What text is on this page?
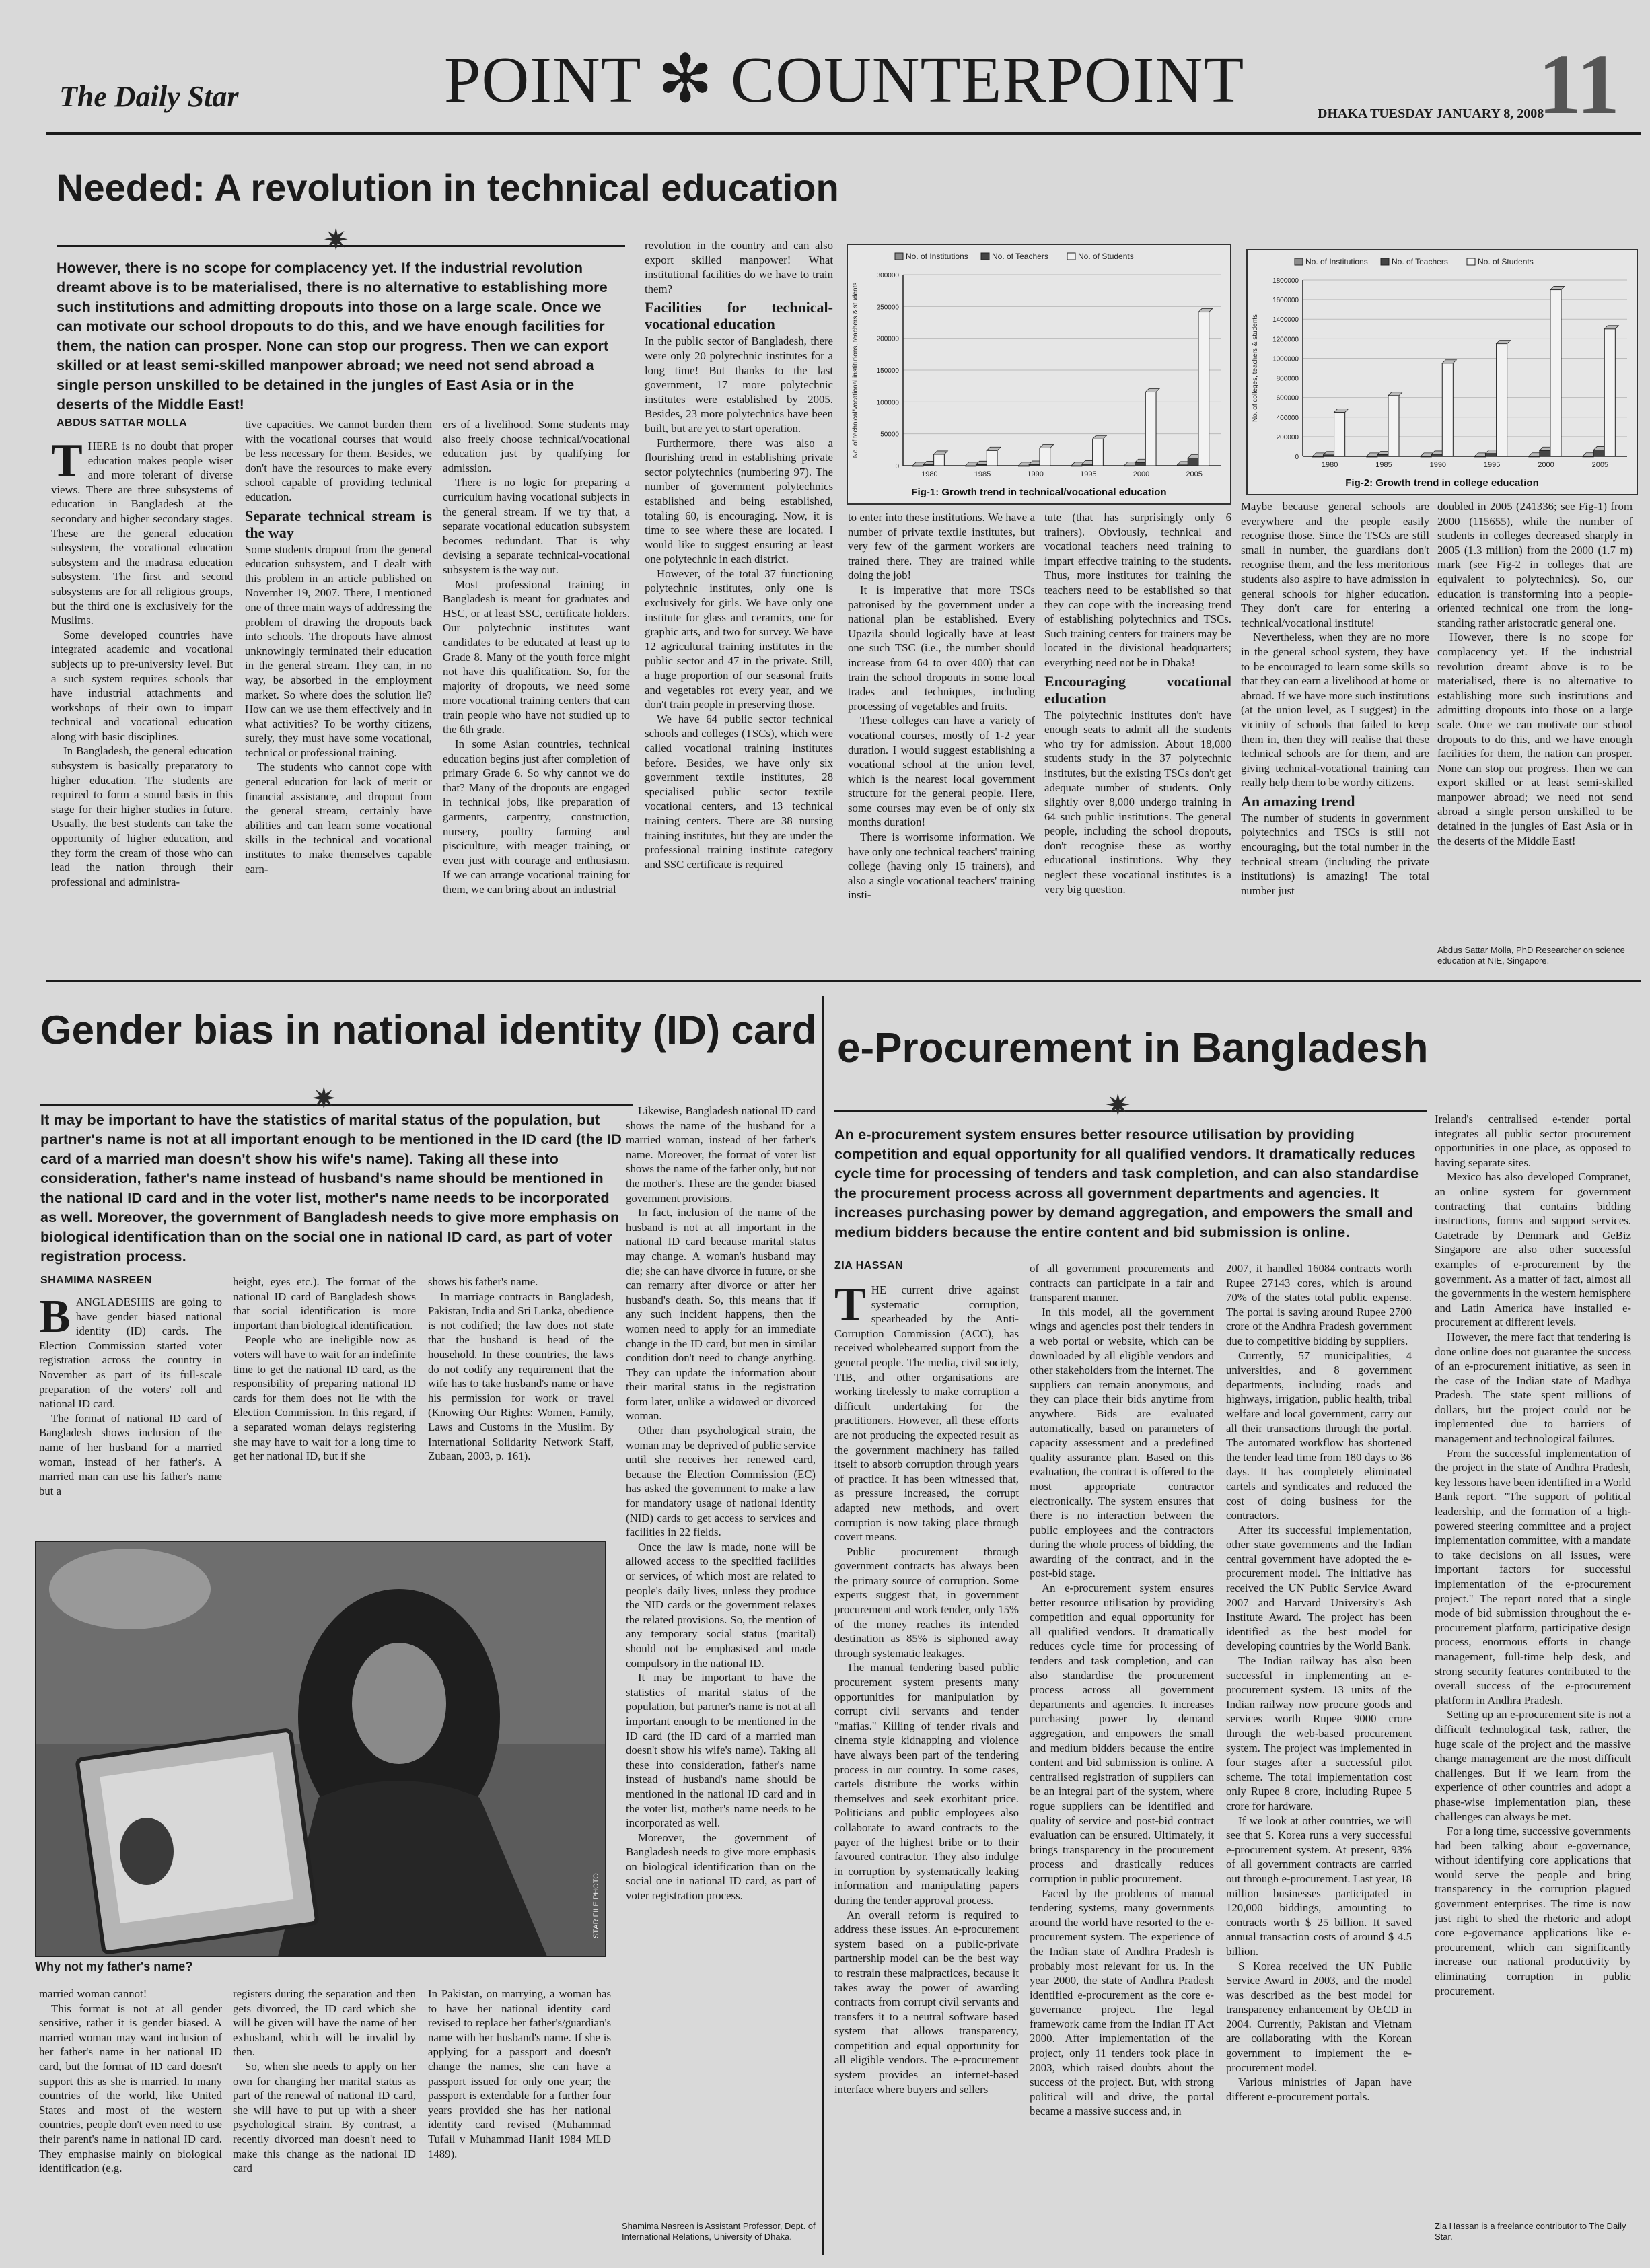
The Daily Star	POINT ✻ COUNTERPOINT	DHAKA TUESDAY JANUARY 8, 2008
11
Needed: A revolution in technical education
✷
However, there is no scope for complacency yet. If the industrial revolution dreamt above is to be materialised, there is no alternative to establishing more such institutions and admitting dropouts into those on a large scale. Once we can motivate our school dropouts to do this, and we have enough facilities for them, the nation can prosper. None can stop our progress. Then we can export skilled or at least semi-skilled manpower abroad; we need not send abroad a single person unskilled to be detained in the jungles of East Asia or in the deserts of the Middle East!
ABDUS SATTAR MOLLA
T HERE is no doubt that proper education makes people wiser and more tolerant of diverse views. There are three subsystems of education in Bangladesh at the secondary and higher secondary stages. These are the general education subsystem, the vocational education subsystem and the madrasa education subsystem. The first and second subsystems are for all religious groups, but the third one is exclusively for the Muslims.

Some developed countries have integrated academic and vocational subjects up to pre-university level. But a such system requires schools that have industrial attachments and workshops of their own to impart technical and vocational education along with basic disciplines.

In Bangladesh, the general education subsystem is basically preparatory to higher education. The students are required to form a sound basis in this stage for their higher studies in future. Usually, the best students can take the opportunity of higher education, and they form the cream of those who can lead the nation through their professional and administra-

tive capacities. We cannot burden them with the vocational courses that would be less necessary for them. Besides, we don't have the resources to make every school capable of providing technical education.

Separate technical stream is the way

Some students dropout from the general education subsystem, and I dealt with this problem in an article published on November 19, 2007. There, I mentioned one of three main ways of addressing the problem of drawing the dropouts back into schools. The dropouts have almost unknowingly terminated their education in the general stream. They can, in no way, be absorbed in the employment market. So where does the solution lie? How can we use them effectively and in what activities? To be worthy citizens, surely, they must have some vocational, technical or professional training.

The students who cannot cope with general education for lack of merit or financial assistance, and dropout from the general stream, certainly have abilities and can learn some vocational skills in the technical and vocational institutes to make themselves capable earn-

ers of a livelihood. Some students may also freely choose technical/vocational education just by qualifying for admission.

There is no logic for preparing a curriculum having vocational subjects in the general stream. If we try that, a separate vocational education subsystem becomes redundant. That is why devising a separate technical-vocational subsystem is the way out.

Most professional training in Bangladesh is meant for graduates and HSC, or at least SSC, certificate holders. Our polytechnic institutes want candidates to be educated at least up to Grade 8. Many of the youth force might not have this qualification. So, for the majority of dropouts, we need some more vocational training centers that can train people who have not studied up to the 6th grade.

In some Asian countries, technical education begins just after completion of primary Grade 6. So why cannot we do that? Many of the dropouts are engaged in technical jobs, like preparation of garments, carpentry, construction, nursery, poultry farming and pisciculture, with meager training, or even just with courage and enthusiasm. If we can arrange vocational training for them, we can bring about an industrial

revolution in the country and can also export skilled manpower! What institutional facilities do we have to train them?

Facilities for technical-vocational education

In the public sector of Bangladesh, there were only 20 polytechnic institutes for a long time! But thanks to the last government, 17 more polytechnic institutes were established by 2005. Besides, 23 more polytechnics have been built, but are yet to start operation.

Furthermore, there was also a flourishing trend in establishing private sector polytechnics (numbering 97). The number of government polytechnics established and being established, totaling 60, is encouraging. Now, it is time to see where these are located. I would like to suggest ensuring at least one polytechnic in each district.

However, of the total 37 functioning polytechnic institutes, only one is exclusively for girls. We have only one institute for glass and ceramics, one for graphic arts, and two for survey. We have 12 agricultural training institutes in the public sector and 47 in the private. Still, a huge proportion of our seasonal fruits and vegetables rot every year, and we don't train people in preserving those.

We have 64 public sector technical schools and colleges (TSCs), which were called vocational training institutes before. Besides, we have only six government textile institutes, 28 specialised public sector textile vocational centers, and 13 technical training centers. There are 38 nursing training institutes, but they are under the professional training institute category and SSC certificate is required

No. of Institutions	No. of Teachers	No. of Students
0
50000
100000
150000
200000
250000
300000
No. of technical/vocational institutions, teachers & students
1980	1985	1990	1995	2000	2005
Fig-1: Growth trend in technical/vocational education
No. of Institutions	No. of Teachers	No. of Students
0
200000
400000
600000
800000
1000000
1200000
1400000
1600000
1800000
No. of colleges, teachers & students
1980	1985	1990	1995	2000	2005
Fig-2: Growth trend in college education

to enter into these institutions. We have a number of private textile institutes, but very few of the garment workers are trained there. They are trained while doing the job!

It is imperative that more TSCs patronised by the government under a national plan be established. Every Upazila should logically have at least one such TSC (i.e., the number should increase from 64 to over 400) that can train the school dropouts in some local trades and techniques, including processing of vegetables and fruits.

These colleges can have a variety of vocational courses, mostly of 1-2 year duration. I would suggest establishing a vocational school at the union level, which is the nearest local government structure for the general people. Here, some courses may even be of only six months duration!

There is worrisome information. We have only one technical teachers' training college (having only 15 trainers), and also a single vocational teachers' training insti-

tute (that has surprisingly only 6 trainers). Obviously, technical and vocational teachers need training to impart effective training to the students. Thus, more institutes for training the teachers need to be established so that they can cope with the increasing trend of establishing polytechnics and TSCs. Such training centers for trainers may be located in the divisional headquarters; everything need not be in Dhaka!

Encouraging vocational education

The polytechnic institutes don't have enough seats to admit all the students who try for admission. About 18,000 students study in the 37 polytechnic institutes, but the existing TSCs don't get adequate number of students. Only slightly over 8,000 undergo training in 64 such public institutions. The general people, including the school dropouts, don't recognise these as worthy educational institutions. Why they neglect these vocational institutes is a very big question.

Maybe because general schools are everywhere and the people easily recognise those. Since the TSCs are still small in number, the guardians don't recognise them, and the less meritorious students also aspire to have admission in general schools for higher education. They don't care for entering a technical/vocational institute!

Nevertheless, when they are no more in the general school system, they have to be encouraged to learn some skills so that they can earn a livelihood at home or abroad. If we have more such institutions (at the union level, as I suggest) in the vicinity of schools that failed to keep them in, then they will realise that these technical schools are for them, and are giving technical-vocational training can really help them to be worthy citizens.

An amazing trend

The number of students in government polytechnics and TSCs is still not encouraging, but the total number in the technical stream (including the private institutions) is amazing! The total number just

doubled in 2005 (241336; see Fig-1) from 2000 (115655), while the number of students in colleges decreased sharply in 2005 (1.3 million) from the 2000 (1.7 m) mark (see Fig-2 in colleges that are equivalent to polytechnics). So, our education is transforming into a people-oriented technical one from the long-standing rather aristocratic general one.

However, there is no scope for complacency yet. If the industrial revolution dreamt above is to be materialised, there is no alternative to establishing more such institutions and admitting dropouts into those on a large scale. Once we can motivate our school dropouts to do this, and we have enough facilities for them, the nation can prosper. None can stop our progress. Then we can export skilled or at least semi-skilled manpower abroad; we need not send abroad a single person unskilled to be detained in the jungles of East Asia or in the deserts of the Middle East!

Abdus Sattar Molla, PhD Researcher on science education at NIE, Singapore.
Gender bias in national identity (ID) card
✷
It may be important to have the statistics of marital status of the population, but partner's name is not at all important enough to be mentioned in the ID card (the ID card of a married man doesn't show his wife's name). Taking all these into consideration, father's name instead of husband's name should be mentioned in the national ID card and in the voter list, mother's name needs to be incorporated as well. Moreover, the government of Bangladesh needs to give more emphasis on biological identification than on the social one in national ID card, as part of voter registration process.
SHAMIMA NASREEN
B ANGLADESHIS are going to have gender biased national identity (ID) cards. The Election Commission started voter registration across the country in November as part of its full-scale preparation of the voters' roll and national ID card.

The format of national ID card of Bangladesh shows inclusion of the name of her husband for a married woman, instead of her father's. A married man can use his father's name but a

height, eyes etc.). The format of the national ID card of Bangladesh shows that social identification is more important than biological identification.

People who are ineligible now as voters will have to wait for an indefinite time to get the national ID card, as the responsibility of preparing national ID cards for them does not lie with the Election Commission. In this regard, if a separated woman delays registering she may have to wait for a long time to get her national ID, but if she

shows his father's name.

In marriage contracts in Bangladesh, Pakistan, India and Sri Lanka, obedience is not codified; the law does not state that the husband is head of the household. In these countries, the laws do not codify any requirement that the wife has to take husband's name or have his permission for work or travel (Knowing Our Rights: Women, Family, Laws and Customs in the Muslim. By International Solidarity Network Staff, Zubaan, 2003, p. 161).

STAR FILE PHOTO
Why not my father's name?

married woman cannot!

This format is not at all gender sensitive, rather it is gender biased. A married woman may want inclusion of her father's name in her national ID card, but the format of ID card doesn't support this as she is married. In many countries of the world, like United States and most of the western countries, people don't even need to use their parent's name in national ID card. They emphasise mainly on biological identification (e.g.

registers during the separation and then gets divorced, the ID card which she will be given will have the name of her exhusband, which will be invalid by then.

So, when she needs to apply on her own for changing her marital status as part of the renewal of national ID card, she will have to put up with a sheer psychological strain. By contrast, a recently divorced man doesn't need to make this change as the national ID card

In Pakistan, on marrying, a woman has to have her national identity card revised to replace her father's/guardian's name with her husband's name. If she is applying for a passport and doesn't change the names, she can have a passport issued for only one year; the passport is extendable for a further four years provided she has her national identity card revised (Muhammad Tufail v Muhammad Hanif 1984 MLD 1489).

Likewise, Bangladesh national ID card shows the name of the husband for a married woman, instead of her father's name. Moreover, the format of voter list shows the name of the father only, but not the mother's. These are the gender biased government provisions.

In fact, inclusion of the name of the husband is not at all important in the national ID card because marital status may change. A woman's husband may die; she can have divorce in future, or she can remarry after divorce or after her husband's death. So, this means that if any such incident happens, then the women need to apply for an immediate change in the ID card, but men in similar condition don't need to change anything. They can update the information about their marital status in the registration form later, unlike a widowed or divorced woman.

Other than psychological strain, the woman may be deprived of public service until she receives her renewed card, because the Election Commission (EC) has asked the government to make a law for mandatory usage of national identity (NID) cards to get access to services and facilities in 22 fields.

Once the law is made, none will be allowed access to the specified facilities or services, of which most are related to people's daily lives, unless they produce the NID cards or the government relaxes the related provisions. So, the mention of any temporary social status (marital) should not be emphasised and made compulsory in the national ID.

It may be important to have the statistics of marital status of the population, but partner's name is not at all important enough to be mentioned in the ID card (the ID card of a married man doesn't show his wife's name). Taking all these into consideration, father's name instead of husband's name should be mentioned in the national ID card and in the voter list, mother's name needs to be incorporated as well.

Moreover, the government of Bangladesh needs to give more emphasis on biological identification than on the social one in national ID card, as part of voter registration process.

Shamima Nasreen is Assistant Professor, Dept. of International Relations, University of Dhaka.
e-Procurement in Bangladesh
✷
An e-procurement system ensures better resource utilisation by providing competition and equal opportunity for all qualified vendors. It dramatically reduces cycle time for processing of tenders and task completion, and can also standardise the procurement process across all government departments and agencies. It increases purchasing power by demand aggregation, and empowers the small and medium bidders because the entire content and bid submission is online.
ZIA HASSAN
T HE current drive against systematic corruption, spearheaded by the Anti-Corruption Commission (ACC), has received wholehearted support from the general people. The media, civil society, TIB, and other organisations are working tirelessly to make corruption a difficult undertaking for the practitioners. However, all these efforts are not producing the expected result as the government machinery has failed itself to absorb corruption through years of practice. It has been witnessed that, as pressure increased, the corrupt adapted new methods, and overt corruption is now taking place through covert means.

Public procurement through government contracts has always been the primary source of corruption. Some experts suggest that, in government procurement and work tender, only 15% of the money reaches its intended destination as 85% is siphoned away through systematic leakages.

The manual tendering based public procurement system presents many opportunities for manipulation by corrupt civil servants and tender "mafias." Killing of tender rivals and cinema style kidnapping and violence have always been part of the tendering process in our country. In some cases, cartels distribute the works within themselves and seek exorbitant price. Politicians and public employees also collaborate to award contracts to the payer of the highest bribe or to their favoured contractor. They also indulge in corruption by systematically leaking information and manipulating papers during the tender approval process.

An overall reform is required to address these issues. An e-procurement system based on a public-private partnership model can be the best way to restrain these malpractices, because it takes away the power of awarding contracts from corrupt civil servants and transfers it to a neutral software based system that allows transparency, competition and equal opportunity for all eligible vendors. The e-procurement system provides an internet-based interface where buyers and sellers

of all government procurements and contracts can participate in a fair and transparent manner.

In this model, all the government wings and agencies post their tenders in a web portal or website, which can be downloaded by all eligible vendors and other stakeholders from the internet. The suppliers can remain anonymous, and they can place their bids anytime from anywhere. Bids are evaluated automatically, based on parameters of capacity assessment and a predefined quality assurance plan. Based on this evaluation, the contract is offered to the most appropriate contractor electronically. The system ensures that there is no interaction between the public employees and the contractors during the whole process of bidding, the awarding of the contract, and in the post-bid stage.

An e-procurement system ensures better resource utilisation by providing competition and equal opportunity for all qualified vendors. It dramatically reduces cycle time for processing of tenders and task completion, and can also standardise the procurement process across all government departments and agencies. It increases purchasing power by demand aggregation, and empowers the small and medium bidders because the entire content and bid submission is online. A centralised registration of suppliers can be an integral part of the system, where rogue suppliers can be identified and quality of service and post-bid contract evaluation can be ensured. Ultimately, it brings transparency in the procurement process and drastically reduces corruption in public procurement.

Faced by the problems of manual tendering systems, many governments around the world have resorted to the e-procurement system. The experience of the Indian state of Andhra Pradesh is probably most relevant for us. In the year 2000, the state of Andhra Pradesh identified e-procurement as the core e-governance project. The legal framework came from the Indian IT Act 2000. After implementation of the project, only 11 tenders took place in 2003, which raised doubts about the success of the project. But, with strong political will and drive, the portal became a massive success and, in

2007, it handled 16084 contracts worth Rupee 27143 cores, which is around 70% of the states total public expense. The portal is saving around Rupee 2700 crore of the Andhra Pradesh government due to competitive bidding by suppliers.

Currently, 57 municipalities, 4 universities, and 8 government departments, including roads and highways, irrigation, public health, tribal welfare and local government, carry out all their transactions through the portal. The automated workflow has shortened the tender lead time from 180 days to 36 days. It has completely eliminated cartels and syndicates and reduced the cost of doing business for the contractors.

After its successful implementation, other state governments and the Indian central government have adopted the e-procurement model. The initiative has received the UN Public Service Award 2007 and Harvard University's Ash Institute Award. The project has been identified as the best model for developing countries by the World Bank.

The Indian railway has also been successful in implementing an e-procurement system. 13 units of the Indian railway now procure goods and services worth Rupee 9000 crore through the web-based procurement system. The project was implemented in four stages after a successful pilot scheme. The total implementation cost only Rupee 8 crore, including Rupee 5 crore for hardware.

If we look at other countries, we will see that S. Korea runs a very successful e-procurement system. At present, 93% of all government contracts are carried out through e-procurement. Last year, 18 million businesses participated in 120,000 biddings, amounting to contracts worth $ 25 billion. It saved annual transaction costs of around $ 4.5 billion.

S Korea received the UN Public Service Award in 2003, and the model was described as the best model for transparency enhancement by OECD in 2004. Currently, Pakistan and Vietnam are collaborating with the Korean government to implement the e-procurement model.

Various ministries of Japan have different e-procurement portals.

Ireland's centralised e-tender portal integrates all public sector procurement opportunities in one place, as opposed to having separate sites.

Mexico has also developed Compranet, an online system for government contracting that contains bidding instructions, forms and support services. Gatetrade by Denmark and GeBiz Singapore are also other successful examples of e-procurement by the government. As a matter of fact, almost all the governments in the western hemisphere and Latin America have installed e-procurement at different levels.

However, the mere fact that tendering is done online does not guarantee the success of an e-procurement initiative, as seen in the case of the Indian state of Madhya Pradesh. The state spent millions of dollars, but the project could not be implemented due to barriers of management and technological failures.

From the successful implementation of the project in the state of Andhra Pradesh, key lessons have been identified in a World Bank report. "The support of political leadership, and the formation of a high-powered steering committee and a project implementation committee, with a mandate to take decisions on all issues, were important factors for successful implementation of the e-procurement project." The report noted that a single mode of bid submission throughout the e-procurement platform, participative design process, enormous efforts in change management, full-time help desk, and strong security features contributed to the overall success of the e-procurement platform in Andhra Pradesh.

Setting up an e-procurement site is not a difficult technological task, rather, the huge scale of the project and the massive change management are the most difficult challenges. But if we learn from the experience of other countries and adopt a phase-wise implementation plan, these challenges can always be met.

For a long time, successive governments had been talking about e-governance, without identifying core applications that would serve the people and bring transparency in the corruption plagued government enterprises. The time is now just right to shed the rhetoric and adopt core e-governance applications like e-procurement, which can significantly increase our national productivity by eliminating corruption in public procurement.

Zia Hassan is a freelance contributor to The Daily Star.
